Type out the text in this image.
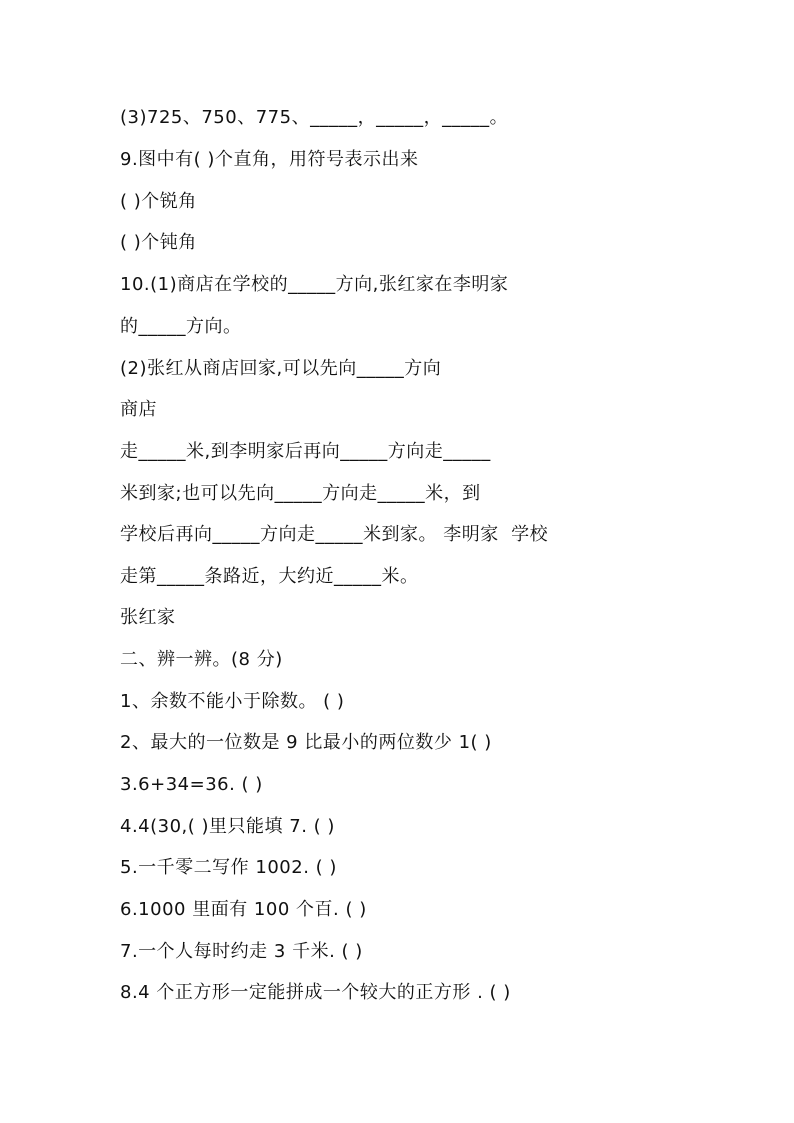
(3)725、750、775、_____，_____，_____。
9.图中有( )个直角，用符号表示出来
( )个锐角
( )个钝角
10.(1)商店在学校的_____方向,张红家在李明家
的_____方向。
(2)张红从商店回家,可以先向_____方向
商店
走_____米,到李明家后再向_____方向走_____
米到家;也可以先向_____方向走_____米，到
学校后再向_____方向走_____米到家。 李明家  学校
走第_____条路近，大约近_____米。
张红家
二、辨一辨。(8 分)
1、余数不能小于除数。 ( )
2、最大的一位数是 9 比最小的两位数少 1( )
3.6+34=36. ( )
4.4(30,( )里只能填 7. ( )
5.一千零二写作 1002. ( )
6.1000 里面有 100 个百. ( )
7.一个人每时约走 3 千米. ( )
8.4 个正方形一定能拼成一个较大的正方形 . ( )
